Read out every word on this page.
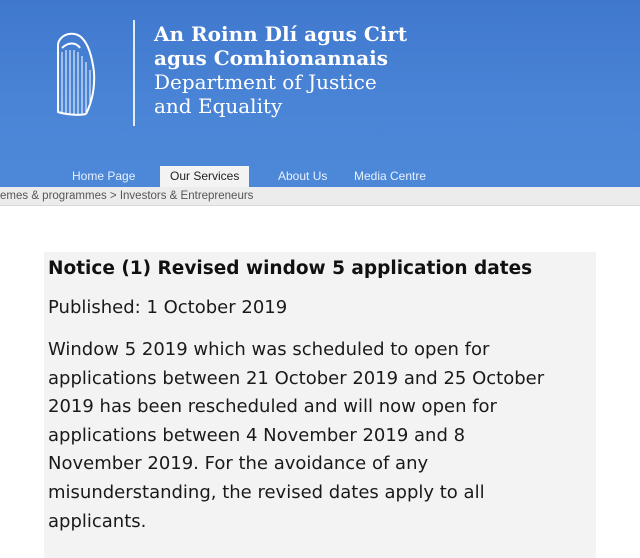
An Roinn Dlí agus Cirt
agus Comhionannais
Department of Justice
and Equality
Home Page	Our Services	About Us Media Centre
emes & programmes > Investors & Entrepreneurs
Notice (1) Revised window 5 application dates
Published: 1 October 2019
Window 5 2019 which was scheduled to open for
applications between 21 October 2019 and 25 October
2019 has been rescheduled and will now open for
applications between 4 November 2019 and 8
November 2019. For the avoidance of any
misunderstanding, the revised dates apply to all
applicants.
